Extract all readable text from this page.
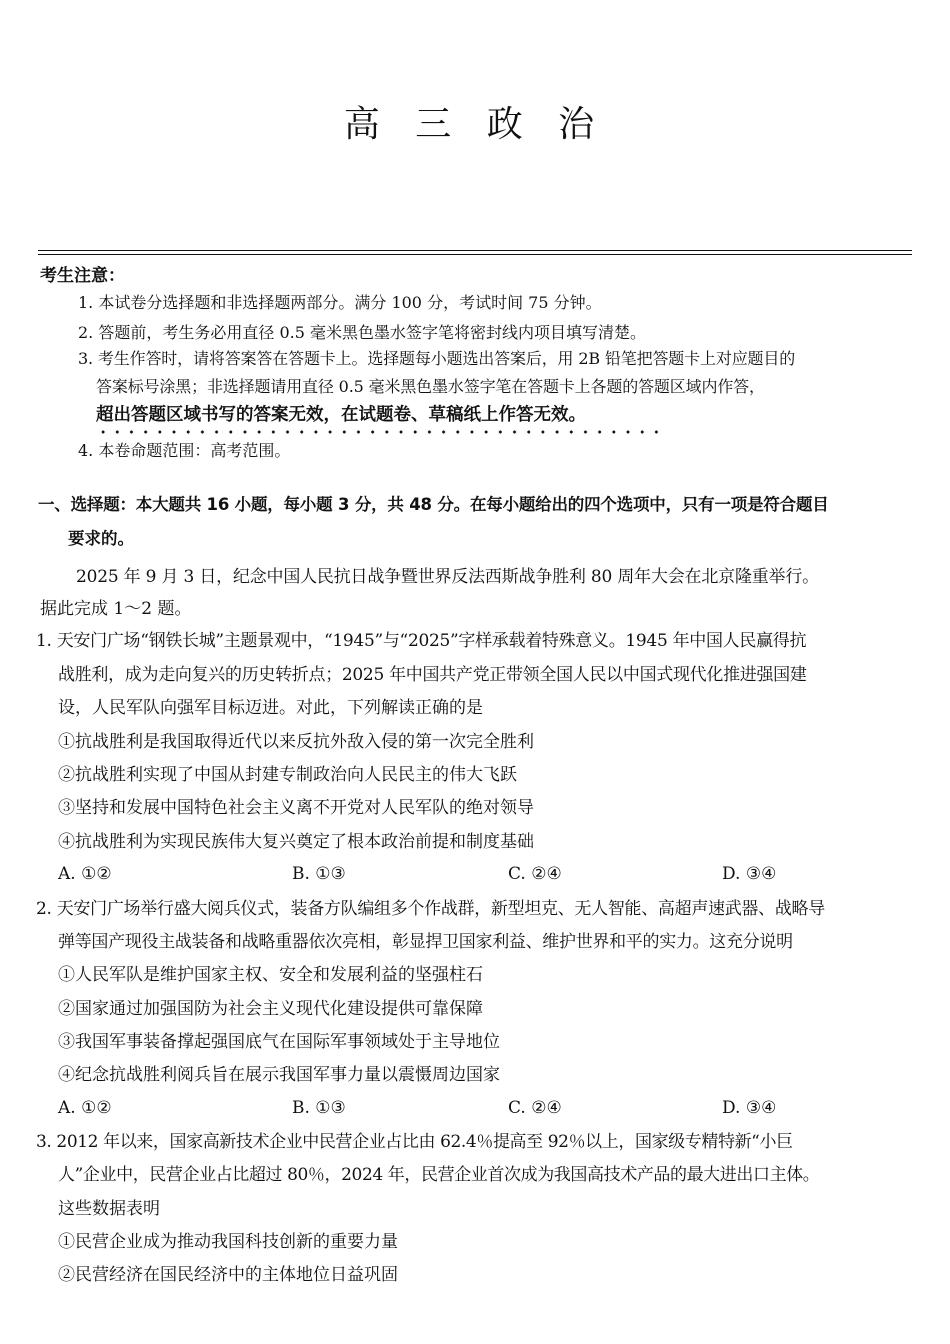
高 三 政 治
考生注意：
1. 本试卷分选择题和非选择题两部分。满分 100 分，考试时间 75 分钟。
2. 答题前，考生务必用直径 0.5 毫米黑色墨水签字笔将密封线内项目填写清楚。
3. 考生作答时，请将答案答在答题卡上。选择题每小题选出答案后，用 2B 铅笔把答题卡上对应题目的
答案标号涂黑；非选择题请用直径 0.5 毫米黑色墨水签字笔在答题卡上各题的答题区域内作答，
超出答题区域书写的答案无效，在试题卷、草稿纸上作答无效。
4. 本卷命题范围：高考范围。
一、选择题：本大题共 16 小题，每小题 3 分，共 48 分。在每小题给出的四个选项中，只有一项是符合题目
要求的。
2025 年 9 月 3 日，纪念中国人民抗日战争暨世界反法西斯战争胜利 80 周年大会在北京隆重举行。
据此完成 1～2 题。
1. 天安门广场“钢铁长城”主题景观中，“1945”与“2025”字样承载着特殊意义。1945 年中国人民赢得抗
战胜利，成为走向复兴的历史转折点；2025 年中国共产党正带领全国人民以中国式现代化推进强国建
设，人民军队向强军目标迈进。对此，下列解读正确的是
①抗战胜利是我国取得近代以来反抗外敌入侵的第一次完全胜利
②抗战胜利实现了中国从封建专制政治向人民民主的伟大飞跃
③坚持和发展中国特色社会主义离不开党对人民军队的绝对领导
④抗战胜利为实现民族伟大复兴奠定了根本政治前提和制度基础
A. ①②	B. ①③	C. ②④	D. ③④
2. 天安门广场举行盛大阅兵仪式，装备方队编组多个作战群，新型坦克、无人智能、高超声速武器、战略导
弹等国产现役主战装备和战略重器依次亮相，彰显捍卫国家利益、维护世界和平的实力。这充分说明
①人民军队是维护国家主权、安全和发展利益的坚强柱石
②国家通过加强国防为社会主义现代化建设提供可靠保障
③我国军事装备撑起强国底气在国际军事领域处于主导地位
④纪念抗战胜利阅兵旨在展示我国军事力量以震慑周边国家
A. ①②	B. ①③	C. ②④	D. ③④
3. 2012 年以来，国家高新技术企业中民营企业占比由 62.4％提高至 92％以上，国家级专精特新“小巨
人”企业中，民营企业占比超过 80％，2024 年，民营企业首次成为我国高技术产品的最大进出口主体。
这些数据表明
①民营企业成为推动我国科技创新的重要力量
②民营经济在国民经济中的主体地位日益巩固
